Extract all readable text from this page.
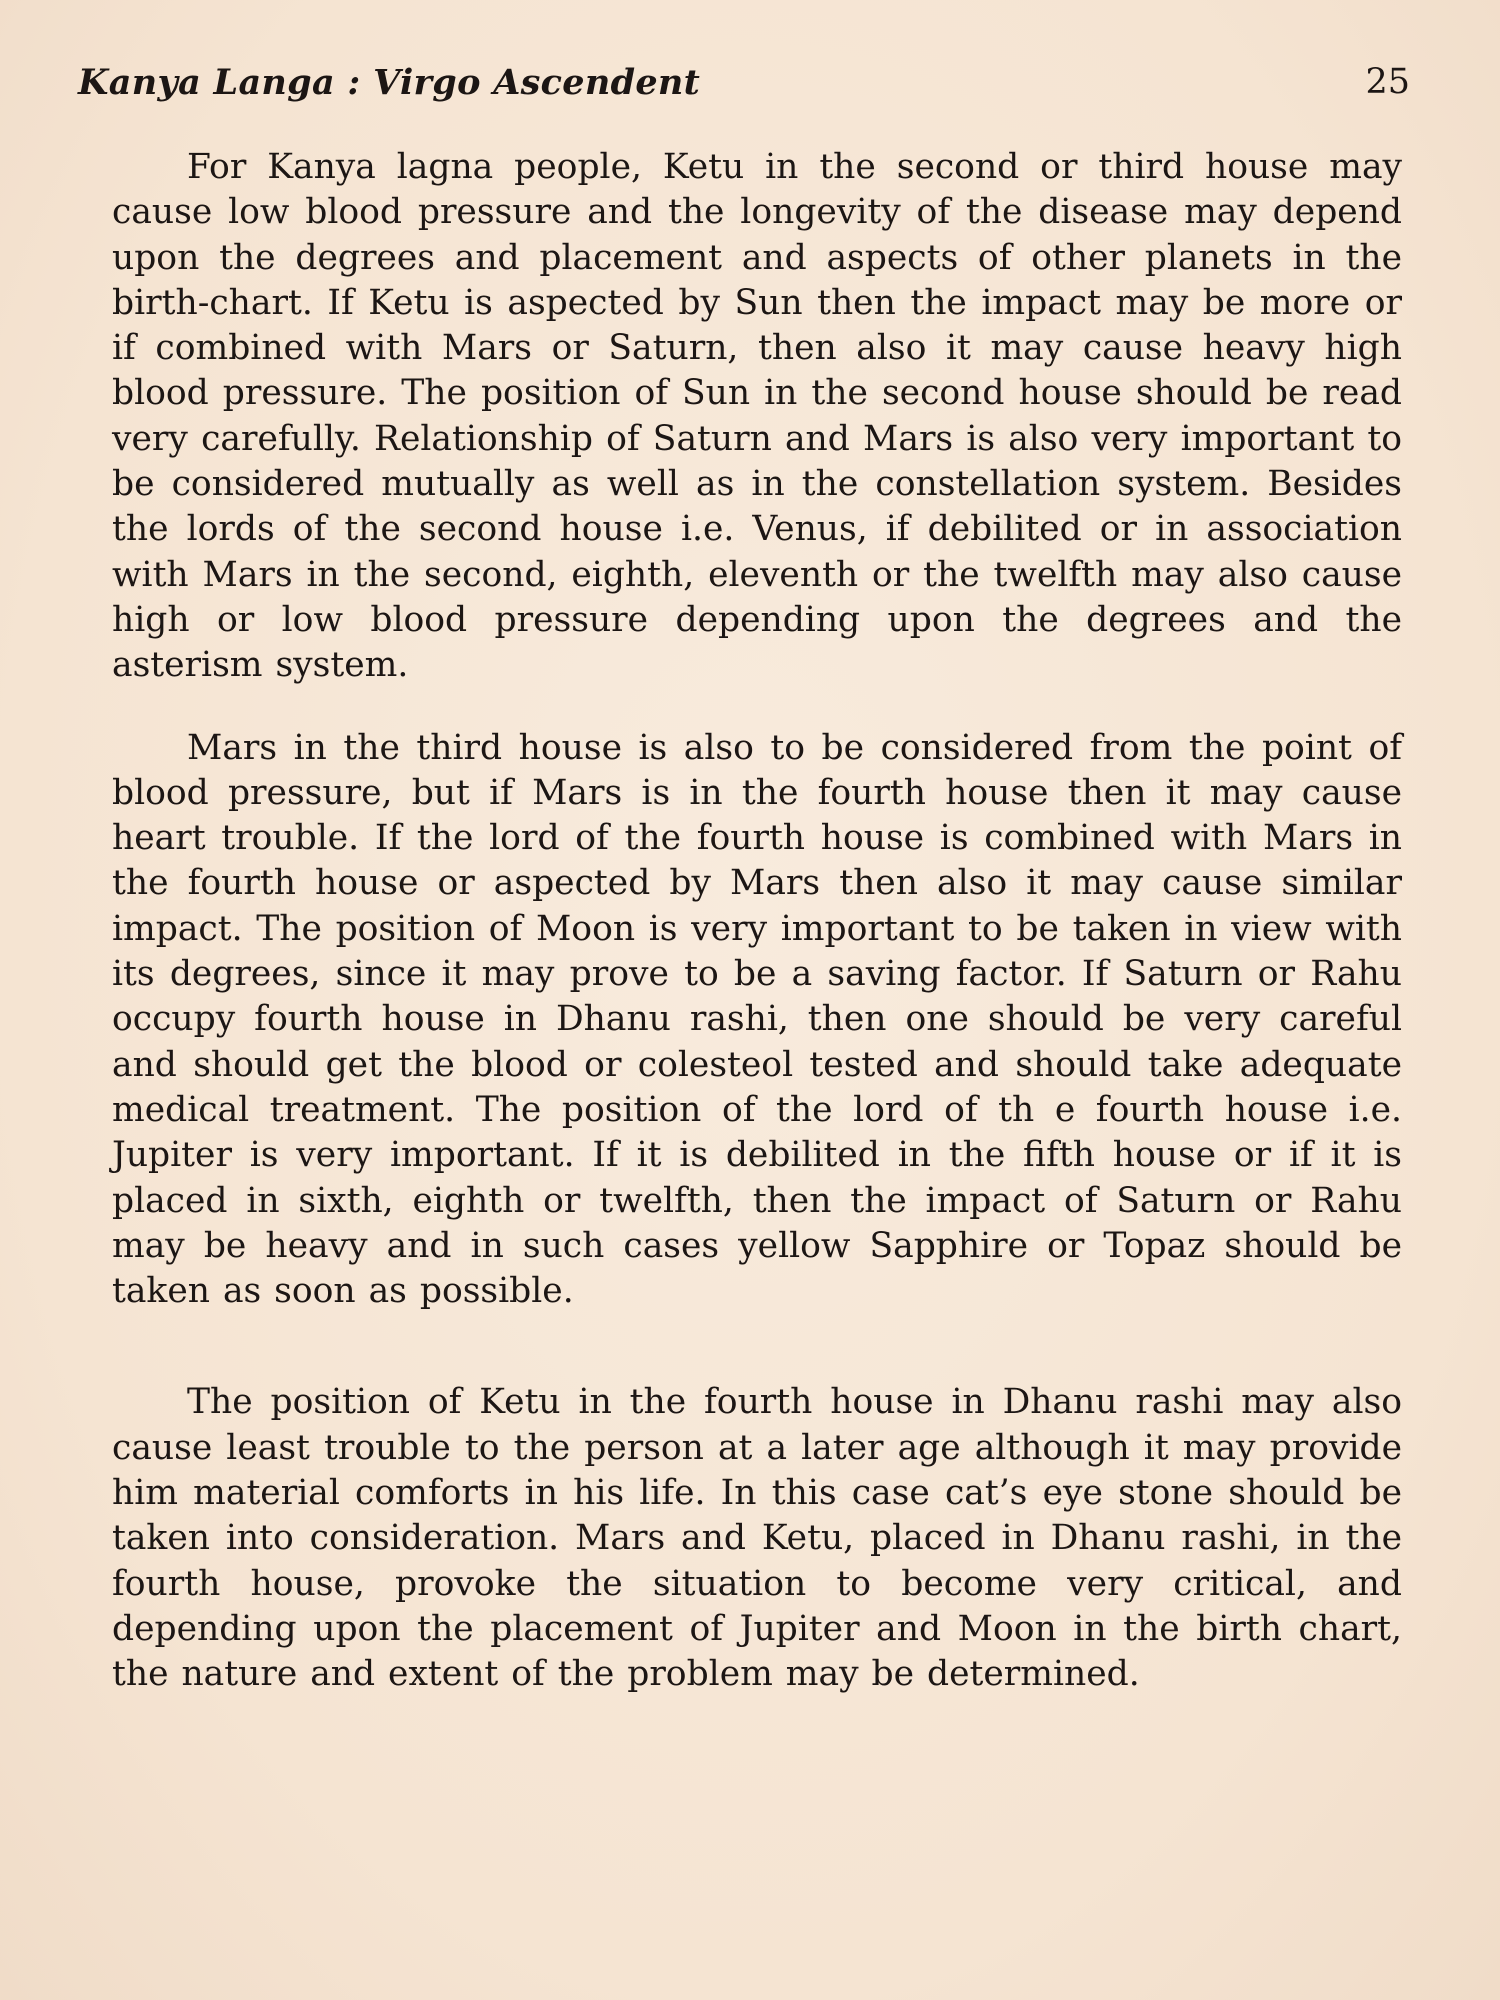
Kanya Langa : Virgo Ascendent	25

For Kanya lagna people, Ketu in the second or third house may cause low blood pressure and the longevity of the disease may depend upon the degrees and placement and aspects of other planets in the birth-chart. If Ketu is aspected by Sun then the impact may be more or if combined with Mars or Saturn, then also it may cause heavy high blood pressure. The position of Sun in the second house should be read very carefully. Relationship of Saturn and Mars is also very important to be considered mutually as well as in the constellation system. Besides the lords of the second house i.e. Venus, if debilited or in association with Mars in the second, eighth, eleventh or the twelfth may also cause high or low blood pressure depending upon the degrees and the asterism system.

Mars in the third house is also to be considered from the point of blood pressure, but if Mars is in the fourth house then it may cause heart trouble. If the lord of the fourth house is combined with Mars in the fourth house or aspected by Mars then also it may cause similar impact. The position of Moon is very important to be taken in view with its degrees, since it may prove to be a saving factor. If Saturn or Rahu occupy fourth house in Dhanu rashi, then one should be very careful and should get the blood or colesteol tested and should take adequate medical treatment. The position of the lord of th e fourth house i.e. Jupiter is very important. If it is debilited in the fifth house or if it is placed in sixth, eighth or twelfth, then the impact of Saturn or Rahu may be heavy and in such cases yellow Sapphire or Topaz should be taken as soon as possible.

The position of Ketu in the fourth house in Dhanu rashi may also cause least trouble to the person at a later age although it may provide him material comforts in his life. In this case cat’s eye stone should be taken into consideration. Mars and Ketu, placed in Dhanu rashi, in the fourth house, provoke the situation to become very critical, and depending upon the placement of Jupiter and Moon in the birth chart, the nature and extent of the problem may be determined.
